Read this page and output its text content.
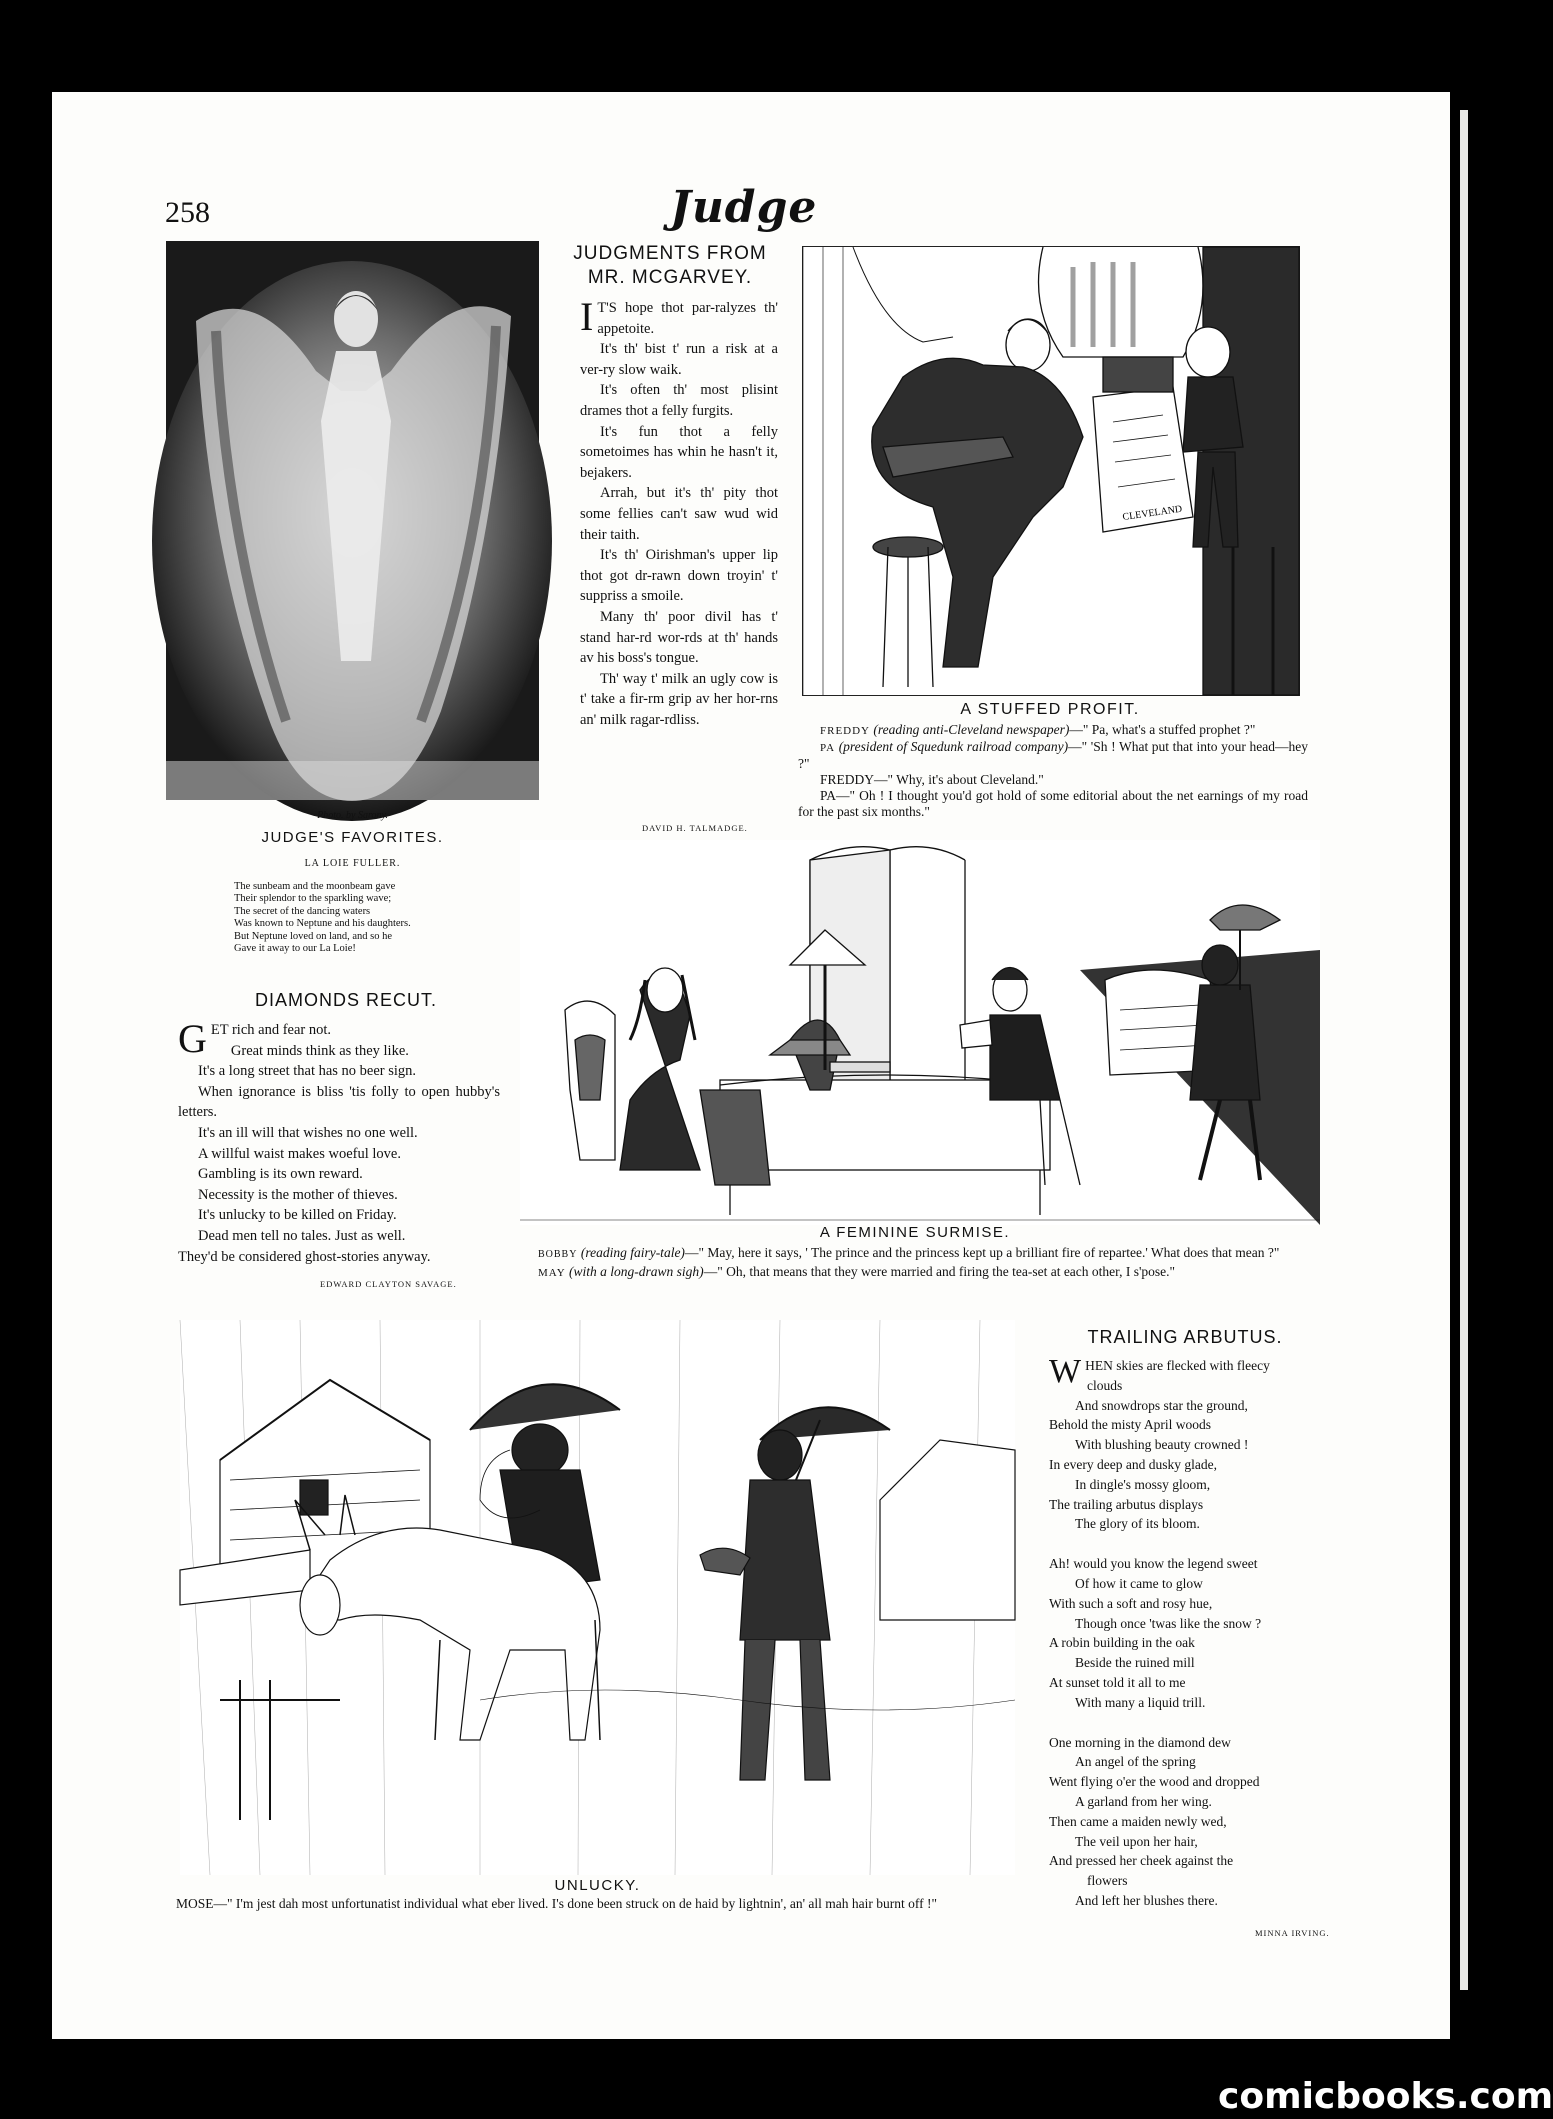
258	Judge
Photo. by Sarony.
JUDGE'S FAVORITES.
LA LOIE FULLER.
The sunbeam and the moonbeam gave
Their splendor to the sparkling wave;
The secret of the dancing waters
Was known to Neptune and his daughters.
But Neptune loved on land, and so he
Gave it away to our La Loie!
JUDGMENTS FROM
MR. MCGARVEY.

I T'S hope thot par-ralyzes th' appetoite.

It's th' bist t' run a risk at a ver-ry slow waik.

It's often th' most plisint drames thot a felly furgits.

It's fun thot a felly sometoimes has whin he hasn't it, bejakers.

Arrah, but it's th' pity thot some fellies can't saw wud wid their taith.

It's th' Oirishman's upper lip thot got dr-rawn down troyin' t' suppriss a smoile.

Many th' poor divil has t' stand har-rd wor-rds at th' hands av his boss's tongue.

Th' way t' milk an ugly cow is t' take a fir-rm grip av her hor-rns an' milk ragar-rdliss.

DAVID H. TALMADGE.
CLEVELAND
A STUFFED PROFIT.

FREDDY (reading anti-Cleveland newspaper)—" Pa, what's a stuffed prophet ?"

PA (president of Squedunk railroad company)—" 'Sh ! What put that into your head—hey ?"

FREDDY—" Why, it's about Cleveland."

PA—" Oh ! I thought you'd got hold of some editorial about the net earnings of my road for the past six months."

DIAMONDS RECUT.

GET rich and fear not.

Great minds think as they like.

It's a long street that has no beer sign.

When ignorance is bliss 'tis folly to open hubby's letters.

It's an ill will that wishes no one well.

A willful waist makes woeful love.

Gambling is its own reward.

Necessity is the mother of thieves.

It's unlucky to be killed on Friday.

Dead men tell no tales. Just as well.

They'd be considered ghost-stories anyway.

EDWARD CLAYTON SAVAGE.
A FEMININE SURMISE.

BOBBY (reading fairy-tale)—" May, here it says, ' The prince and the princess kept up a brilliant fire of repartee.' What does that mean ?"

MAY (with a long-drawn sigh)—" Oh, that means that they were married and firing the tea-set at each other, I s'pose."

UNLUCKY.
MOSE—" I'm jest dah most unfortunatist individual what eber lived. I's done been struck on de haid by lightnin', an' all mah hair burnt off !"
TRAILING ARBUTUS.
WHEN skies are flecked with fleecy
clouds
And snowdrops star the ground,
Behold the misty April woods
With blushing beauty crowned !
In every deep and dusky glade,
In dingle's mossy gloom,
The trailing arbutus displays
The glory of its bloom.
Ah! would you know the legend sweet
Of how it came to glow
With such a soft and rosy hue,
Though once 'twas like the snow ?
A robin building in the oak
Beside the ruined mill
At sunset told it all to me
With many a liquid trill.
One morning in the diamond dew
An angel of the spring
Went flying o'er the wood and dropped
A garland from her wing.
Then came a maiden newly wed,
The veil upon her hair,
And pressed her cheek against the
flowers
And left her blushes there.
MINNA IRVING.
comicbooks.com
